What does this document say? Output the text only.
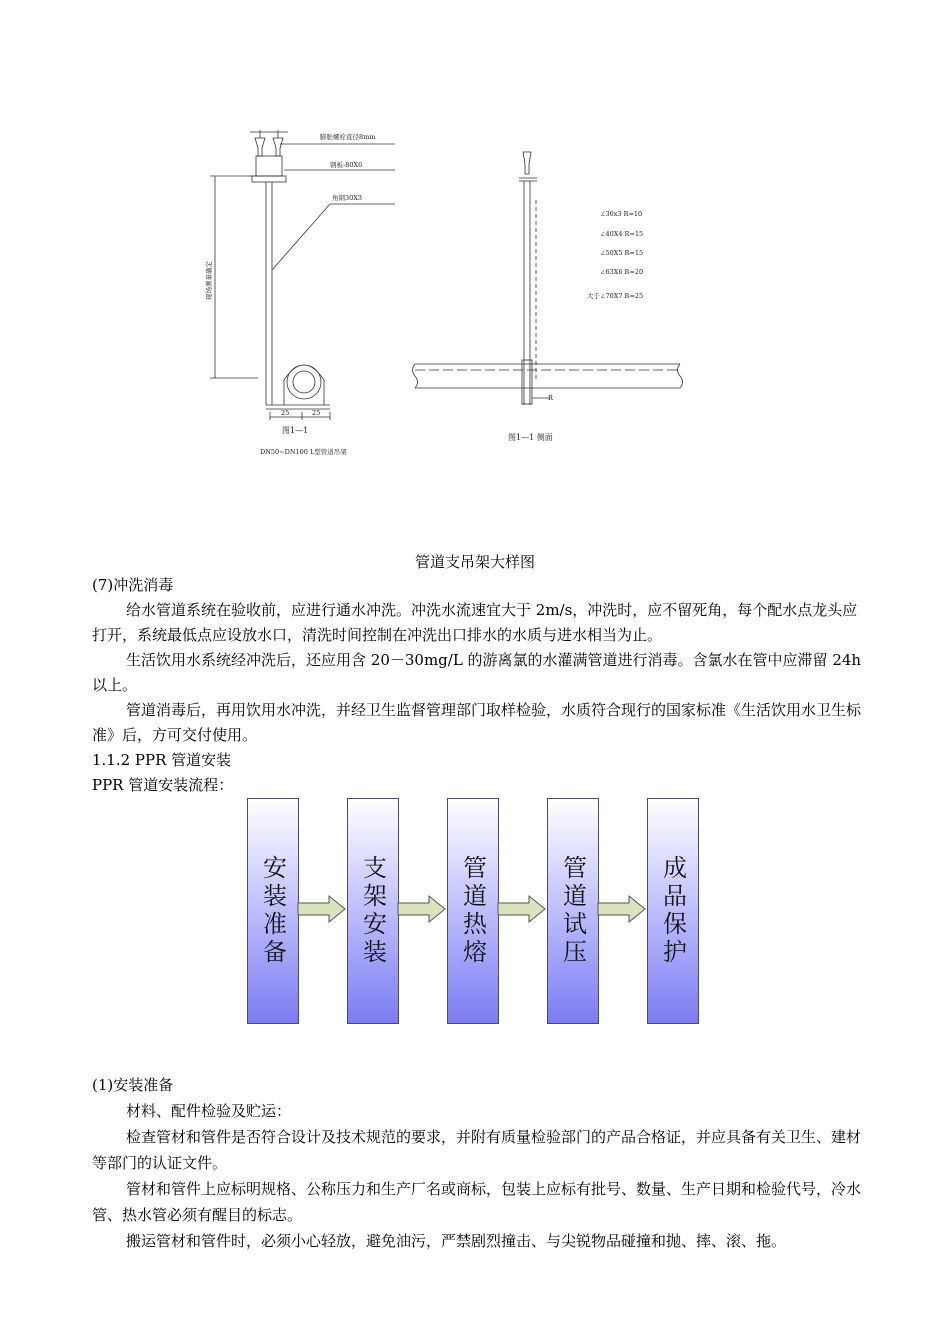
膨胀螺栓直径8mm
钢板-80X6
角钢30X3
现场测量确定
25	25
图1—1
DN50~DN100 L型管道吊架
图1—1 侧面
R
∠30x3 R=10
∠40X4 R=15
∠50X5 R=15
∠63X6 R=20
大于∠70X7 R=25
管道支吊架大样图

(7)冲洗消毒

给水管道系统在验收前，应进行通水冲洗。冲洗水流速宜大于 2m/s，冲洗时，应不留死角，每个配水点龙头应打开，系统最低点应设放水口，清洗时间控制在冲洗出口排水的水质与进水相当为止。

生活饮用水系统经冲洗后，还应用含 20－30mg/L 的游离氯的水灌满管道进行消毒。含氯水在管中应滞留 24h 以上。

管道消毒后，再用饮用水冲洗，并经卫生监督管理部门取样检验，水质符合现行的国家标准《生活饮用水卫生标准》后，方可交付使用。

1.1.2 PPR 管道安装

PPR 管道安装流程：

安装准备	支架安装	管道热熔	管道试压	成品保护

(1)安装准备

材料、配件检验及贮运：

检查管材和管件是否符合设计及技术规范的要求，并附有质量检验部门的产品合格证，并应具备有关卫生、建材等部门的认证文件。

管材和管件上应标明规格、公称压力和生产厂名或商标，包装上应标有批号、数量、生产日期和检验代号，冷水管、热水管必须有醒目的标志。

搬运管材和管件时，必须小心轻放，避免油污，严禁剧烈撞击、与尖锐物品碰撞和抛、摔、滚、拖。
